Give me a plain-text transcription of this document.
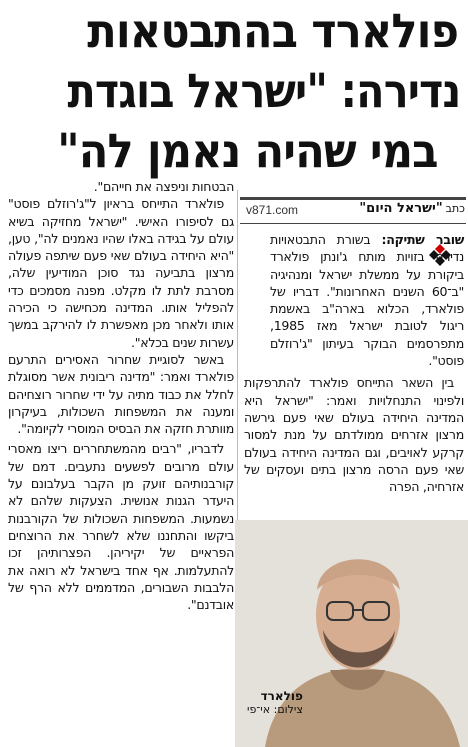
פולארד בהתבטאות
נדירה: "ישראל בוגדת
במי שהיה נאמן לה"
כתב"ישראל היום"
v871.com

שובר שתיקה: בשורת התבטאויות נדירה בזויות מותח ג'ונתן פולארד ביקורת על ממשלת ישראל ומנהיגיה "ב־60 השנים האחרונות". דבריו של פולארד, הכלוא בארה"ב באשמת ריגול לטובת ישראל מאז 1985, מתפרסמים הבוקר בעיתון "ג'רוזלם פוסט".

בין השאר התייחס פולארד להתרפקות ולפינוי התנחלויות ואמר: "ישראל היא המדינה היחידה בעולם שאי פעם גירשה מרצון אזרחים ממולדתם על מנת למסור קרקע לאויבים, וגם המדינה היחידה בעולם שאי פעם הרסה מרצון בתים ועסקים של אזרחיה, הפרה

הבטחות וניפצה את חייהם".

פולארד התייחס בראיון ל"ג'רוזלם פוסט" גם לסיפורו האישי. "ישראל מחזיקה בשיא עולם על בגידה באלו שהיו נאמנים לה", טען, "היא היחידה בעולם שאי פעם שיתפה פעולה מרצון בתביעה נגד סוכן המודיעין שלה, מסרבת לתת לו מקלט. מפנה מסמכים כדי להפליל אותו. המדינה מכחישה כי הכירה אותו ולאחר מכן מאפשרת לו להירקב במשך עשרות שנים בכלא".

באשר לסוגיית שחרור האסירים התרעם פולארד ואמר: "מדינה ריבונית אשר מסוגלת לחלל את כבוד מתיה על ידי שחרור רוצחיהם ומענה את המשפחות השכולות, בעיקרון מוותרת חזקה את הבסיס המוסרי לקיומה".

לדבריו, "רבים מהמשתחררים ריצו מאסרי עולם מרובים לפשעים נתעבים. דמם של קורבנותיהם זועק מן הקבר בעלבונם על היעדר הגנות אנושית. הצעקות שלהם לא נשמעות. המשפחות השכולות של הקורבנות ביקשו והתחננו שלא לשחרר את הרוצחים הפראיים של יקיריהן. הפצרותיהן זכו להתעלמות. אף אחד בישראל לא רואה את הלבבות השבורים, המדממים ללא הרף של אובדנם".

פולארד
צילום: אי־פי
